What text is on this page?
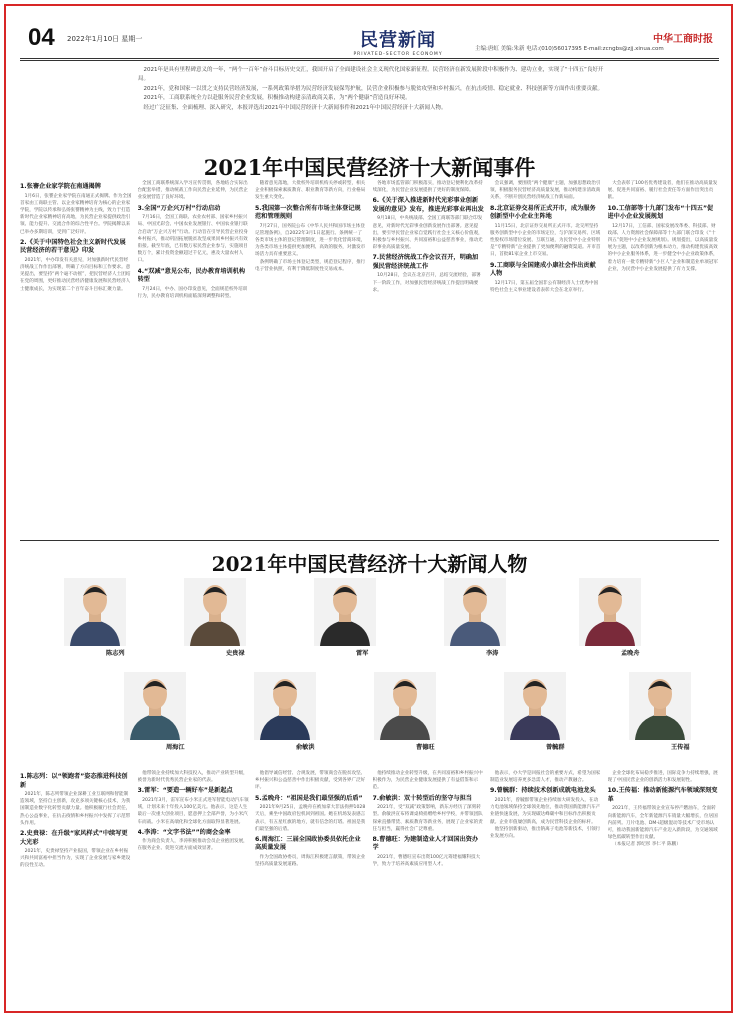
04 2022年1月10日 星期一	民营新闻
PRIVATED-SECTOR ECONOMY
主编:唐虹 美编:朱新 电话:(010)56017395 E-mail:zcngbs@zjj.xinua.com
中华工商时报

2021年是具有里程碑意义的一年，“两个一百年”奋斗目标历史交汇，我国开启了全面建设社会主义现代化国家新征程。民营经济在新发展阶段中积极作为、建功立业，实现了“十四五”良好开局。

2021年，党和国家一以贯之支持民营经济发展，一系列政策举措为民营经济发展保驾护航，民营企业积极参与脱贫攻坚和乡村振兴，在抗击疫情、稳定就业、科技创新等方面作出重要贡献。

2021年，工商联系统全力以赴服务民营企业发展，积极推动构建亲清政商关系，为“两个健康”营造良好环境。

经过广泛征集、全面梳理、深入研究，本报评选出2021年中国民营经济十大新闻事件和2021年中国民营经济十大新闻人物。

2021年中国民营经济十大新闻事件
1.张謇企业家学院在南通揭牌

1月6日，张謇企业家学院在南通正式揭牌。作为全国首家由工商联主管、以企业家精神培育为核心的企业家学院，学院以传承和弘扬张謇精神为主线，致力于打造新时代企业家精神培育高地，为民营企业家提供政治引领、能力提升、交流合作的综合性平台。学院揭牌以来已举办多期培训，受到广泛好评。

2.《关于中国特色社会主义新时代发展民营经济的若干意见》印发

2021年，中办印发有关意见，对加强新时代民营经济统战工作作出部署，明确了方向目标和工作要求。意见提出，要坚持“两个毫不动摇”，把民营经济人士团结在党的周围，更好推动民营经济健康发展和民营经济人士健康成长，为实现第二个百年奋斗目标汇聚力量。

全国工商联系统深入学习宣传贯彻，各地结合实际出台配套举措，推动统战工作向民营企业延伸，为民营企业发展营造了良好环境。

3.全国“万企兴万村”行动启动

7月16日，全国工商联、农业农村部、国家乡村振兴局、中国光彩会、中国农业发展银行、中国农业银行联合启动“万企兴万村”行动。行动旨在引导民营企业投身乡村振兴，推动巩固拓展脱贫攻坚成果同乡村振兴有效衔接。截至年底，已有数万家民营企业参与，实施项目数万个，累计投资金额超过千亿元，惠及大量农村人口。

4.“双减”意见公布，民办教育培训机构转型

7月24日，中办、国办印发意见，全面规范校外培训行为，民办教育培训机构面临深刻调整和转型。

随着意见落地，大批校外培训机构关停或转型，相关企业积极探索素质教育、职业教育等新方向，行业格局发生重大变化。

5.我国第一次整合所有市场主体登记规范和管理规则

7月27日，国务院公布《中华人民共和国市场主体登记管理条例》，自2022年3月1日起施行。条例统一了各类市场主体的登记管理制度，进一步优化营商环境，为各类市场主体提供更加便利、高效的服务，对激发市场活力具有重要意义。

条例明确了市场主体登记类型，规范登记程序，推行电子营业执照，有利于降低制度性交易成本。

各地市场监管部门积极落实，推动登记便利化改革持续深化，为民营企业发展提供了更好的制度保障。

6.《关于深入推进新时代光彩事业创新发展的意见》发布，推进光彩事业再出发

9月18日，中央统战部、全国工商联等部门联合印发意见，对新时代光彩事业创新发展作出部署。意见提出，要引导民营企业家自觉践行社会主义核心价值观，积极参与乡村振兴、共同富裕和公益慈善事业，推动光彩事业高质量发展。

7.民营经济统战工作会议召开，明确加强民营经济统战工作

10月28日，会议在北京召开，总结交流经验，部署下一阶段工作，对加强民营经济统战工作提出明确要求。

会议强调，要围绕“两个健康”主题，加强思想政治引领，积极服务民营经济高质量发展，推动构建亲清政商关系，不断开创民营经济统战工作新局面。

8.北京证券交易所正式开市，成为服务创新型中小企业主阵地

11月15日，北京证券交易所正式开市。北交所坚持服务创新型中小企业的市场定位，与沪深交易所、区域性股权市场错位发展、互联互通，为民营中小企业特别是“专精特新”企业提供了更加便利的融资渠道。开市首日，首批81家企业上市交易。

9.工商联与全国建成小康社会作出贡献人物

12月17日，第五届全国非公有制经济人士优秀中国特色社会主义事业建设者表彰大会在北京举行。

大会表彰了100名优秀建设者，他们在推动高质量发展、促进共同富裕、履行社会责任等方面作出突出贡献。

10.工信部等十九部门发布“十四五”促进中小企业发展规划

12月17日，工信部、国家发展改革委、科技部、财政部、人力资源社会保障部等十九部门联合印发《“十四五”促进中小企业发展规划》。规划提出，以高质量发展为主题，以改革创新为根本动力，推动构建优质高效的中小企业服务体系，进一步健全中小企业政策体系，着力培育一批专精特新“小巨人”企业和制造业单项冠军企业，为民营中小企业发展提供了有力支撑。

2021年中国民营经济十大新闻人物
陈志列	史贵禄	雷军	李涛	孟晚舟
周海江	俞敏洪	曹德旺	曾毓群	王传福
1.陈志列：以“领跑者”姿态推进科技创新

2021年，陈志列带领企业深耕工业互联网和智能制造领域，坚持自主创新，攻克多项关键核心技术，为我国制造业数字化转型贡献力量。他积极履行社会责任，热心公益事业，在抗击疫情和乡村振兴中发挥了示范带头作用。

2.史贵禄：在升级“家风样式”中续写更大光彩

2021年，史贵禄坚持产业报国，带领企业在乡村振兴和共同富裕中担当作为，实现了企业发展与家乡建设的良性互动。

他带领企业持续加大科技投入，推动产业转型升级，被誉为新时代优秀民营企业家的代表。

3.雷军：“要造一辆好车”是新起点

2021年3月，雷军宣布小米正式进军智能电动汽车领域，计划未来十年投入100亿美元。他表示，这是人生最后一次重大创业项目，愿意押上全部声誉，为小米汽车而战。小米在高端化和全球化方面取得显著进展。

4.李涛：“文字书法””的商会金率

作为商会负责人，李涛积极推动会员企业抱团发展，在服务企业、促进交流方面成效显著。

他倡导诚信经营、合规发展，带领商会在脱贫攻坚、乡村振兴和公益慈善中作出积极贡献，受到各界广泛好评。

5.孟晚舟：“祖国是我们最坚强的后盾”

2021年9月25日，孟晚舟在被加拿大非法拘押1028天后，乘坐中国政府包机回到祖国。她在机场发表感言表示，有五星红旗的地方，就有信念的灯塔。祖国是我们最坚强的后盾。

6.周海江：三届全国政协委员依托企业高质量发展

作为全国政协委员，周海江积极建言献策，带领企业坚持高质量发展道路。

他持续推动企业转型升级，在共同富裕和乡村振兴中积极作为，为民营企业健康发展提供了有益借鉴和示范。

7.俞敏洪：双十转型后的坚守与担当

2021年，受“双减”政策影响，新东方经历了深刻转型。俞敏洪宣布将课桌椅捐赠给乡村学校，并带领团队探索直播带货、素质教育等新业务，展现了企业家的责任与担当，赢得社会广泛尊重。

8.曹德旺：为建制造业人才回国出资办学

2021年，曹德旺宣布出资100亿元筹建福耀科技大学，致力于培养高素质应用型人才。

他表示，办大学是回报社会的重要方式，希望为国家制造业发展培养更多急需人才，推动产教融合。

9.曾毓群：持续技术创新成就电池龙头

2021年，曾毓群带领企业持续加大研发投入，在动力电池领域保持全球领先地位，推动我国新能源汽车产业链快速发展，为实现碳达峰碳中和目标作出积极贡献。企业市值屡创新高，成为民营科技企业的标杆。

他坚持创新驱动，推出钠离子电池等新技术，引领行业发展方向。

企业全球化布局稳步推进，国际竞争力持续增强，展现了中国民营企业的创新活力和发展韧性。

10.王传福：推动新能源汽车领域深刻变革

2021年，王传福带领企业宣布停产燃油车，全面转向新能源汽车，全年新能源汽车销量大幅增长，位居国内前列。刀片电池、DM-i超级混动等技术广受市场认可，推动我国新能源汽车产业迈入新阶段，为交通领域绿色低碳转型作出贡献。

（本报记者 郭纪彤 李仁平 陈鹏）
